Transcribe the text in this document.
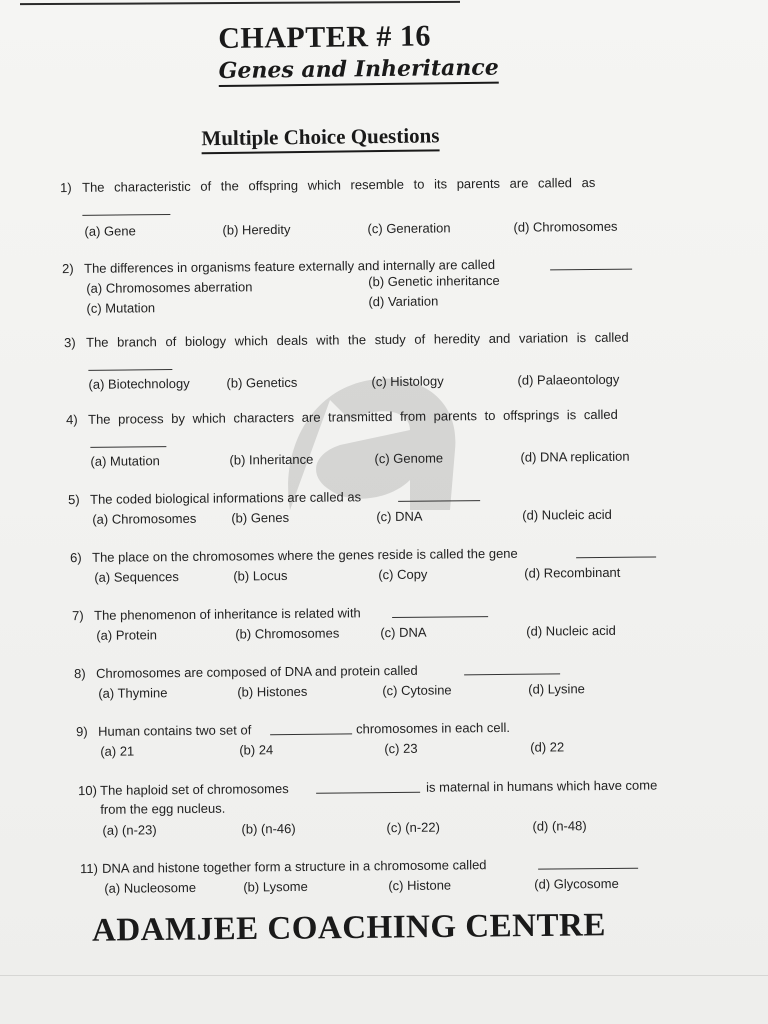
CHAPTER # 16
Genes and Inheritance
Multiple Choice Questions
1) The characteristic of the offspring which resemble to its parents are called as
(a) Gene	(b) Heredity	(c) Generation	(d) Chromosomes
2) The differences in organisms feature externally and internally are called
(a) Chromosomes aberration	(b) Genetic inheritance
(c) Mutation	(d) Variation
3) The branch of biology which deals with the study of heredity and variation is called
(a) Biotechnology	(b) Genetics	(c) Histology	(d) Palaeontology
4) The process by which characters are transmitted from parents to offsprings is called
(a) Mutation	(b) Inheritance	(c) Genome	(d) DNA replication
5) The coded biological informations are called as
(a) Chromosomes	(b) Genes	(c) DNA	(d) Nucleic acid
6) The place on the chromosomes where the genes reside is called the gene
(a) Sequences	(b) Locus	(c) Copy	(d) Recombinant
7) The phenomenon of inheritance is related with
(a) Protein	(b) Chromosomes	(c) DNA	(d) Nucleic acid
8) Chromosomes are composed of DNA and protein called
(a) Thymine	(b) Histones	(c) Cytosine	(d) Lysine
9) Human contains two set of	chromosomes in each cell.
(a) 21	(b) 24	(c) 23	(d) 22
10) The haploid set of chromosomes	is maternal in humans which have come
from the egg nucleus.
(a) (n-23)	(b) (n-46)	(c) (n-22)	(d) (n-48)
11) DNA and histone together form a structure in a chromosome called
(a) Nucleosome	(b) Lysome	(c) Histone	(d) Glycosome
ADAMJEE COACHING CENTRE
